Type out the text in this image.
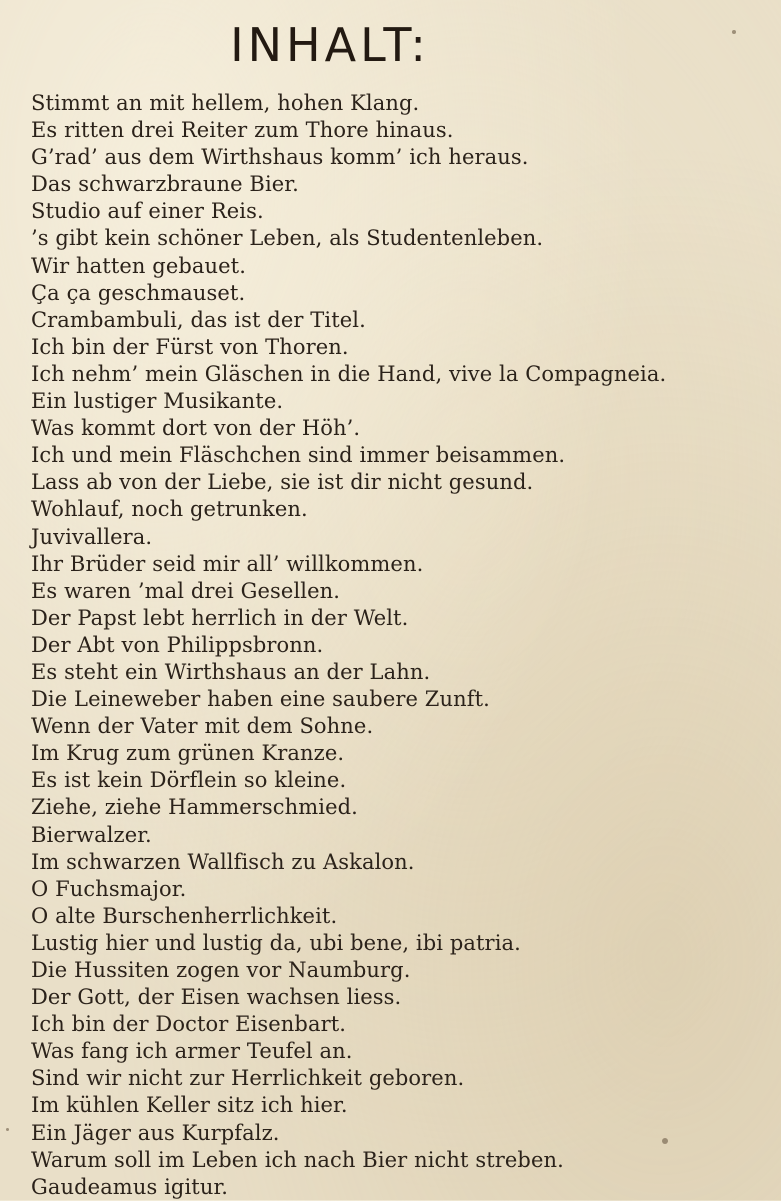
INHALT:
Stimmt an mit hellem, hohen Klang.
Es ritten drei Reiter zum Thore hinaus.
G’rad’ aus dem Wirthshaus komm’ ich heraus.
Das schwarzbraune Bier.
Studio auf einer Reis.
’s gibt kein schöner Leben, als Studentenleben.
Wir hatten gebauet.
Ça ça geschmauset.
Crambambuli, das ist der Titel.
Ich bin der Fürst von Thoren.
Ich nehm’ mein Gläschen in die Hand, vive la Compagneia.
Ein lustiger Musikante.
Was kommt dort von der Höh’.
Ich und mein Fläschchen sind immer beisammen.
Lass ab von der Liebe, sie ist dir nicht gesund.
Wohlauf, noch getrunken.
Juvivallera.
Ihr Brüder seid mir all’ willkommen.
Es waren ’mal drei Gesellen.
Der Papst lebt herrlich in der Welt.
Der Abt von Philippsbronn.
Es steht ein Wirthshaus an der Lahn.
Die Leineweber haben eine saubere Zunft.
Wenn der Vater mit dem Sohne.
Im Krug zum grünen Kranze.
Es ist kein Dörflein so kleine.
Ziehe, ziehe Hammerschmied.
Bierwalzer.
Im schwarzen Wallfisch zu Askalon.
O Fuchsmajor.
O alte Burschenherrlichkeit.
Lustig hier und lustig da, ubi bene, ibi patria.
Die Hussiten zogen vor Naumburg.
Der Gott, der Eisen wachsen liess.
Ich bin der Doctor Eisenbart.
Was fang ich armer Teufel an.
Sind wir nicht zur Herrlichkeit geboren.
Im kühlen Keller sitz ich hier.
Ein Jäger aus Kurpfalz.
Warum soll im Leben ich nach Bier nicht streben.
Gaudeamus igitur.
